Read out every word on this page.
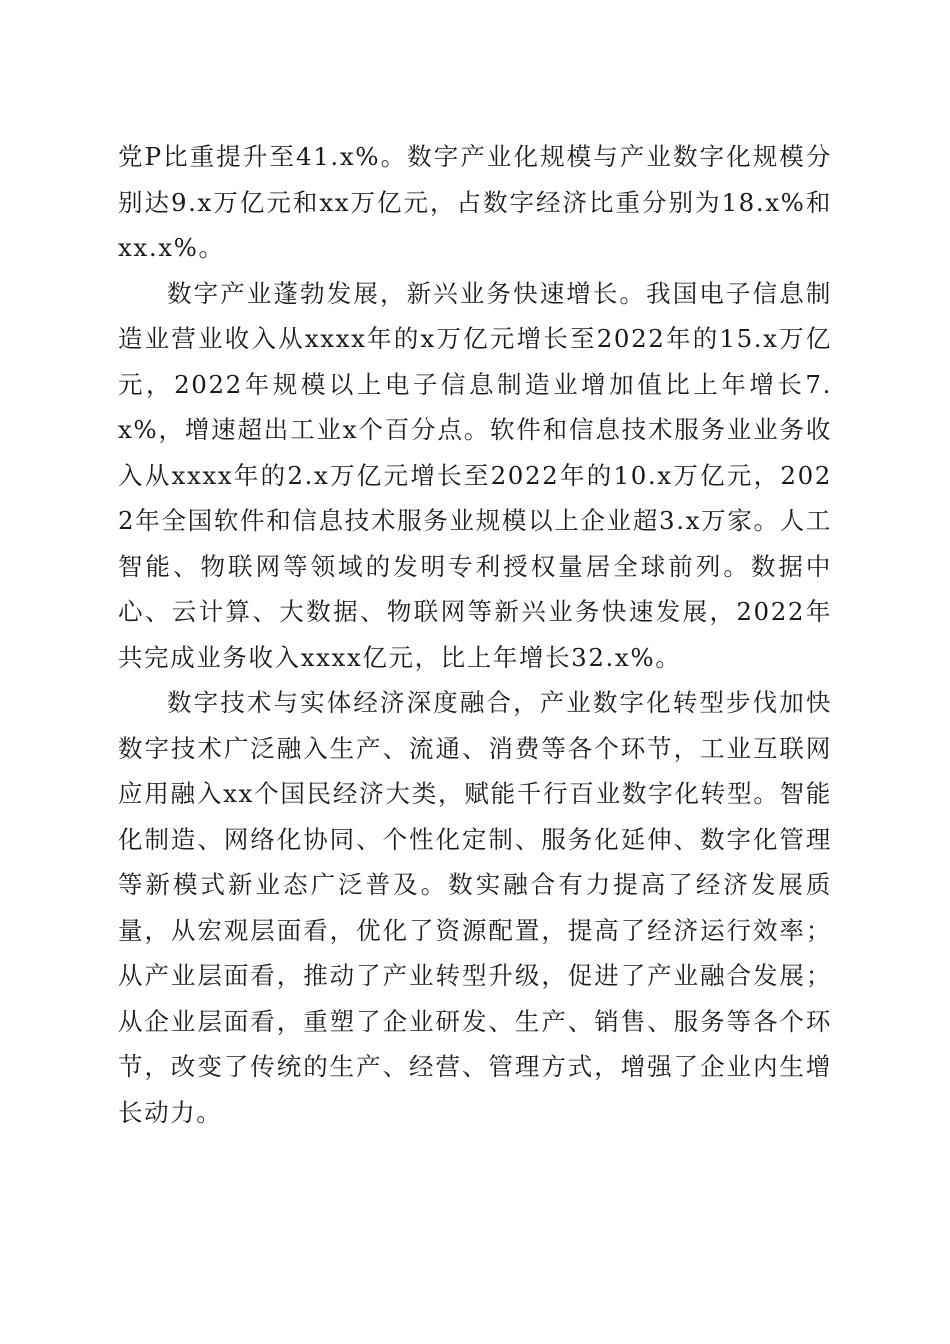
党P比重提升至41.x%。数字产业化规模与产业数字化规模分别达9.x万亿元和xx万亿元，占数字经济比重分别为18.x%和xx.x%。

数字产业蓬勃发展，新兴业务快速增长。我国电子信息制造业营业收入从xxxx年的x万亿元增长至2022年的15.x万亿元，2022年规模以上电子信息制造业增加值比上年增长7.x%，增速超出工业x个百分点。软件和信息技术服务业业务收入从xxxx年的2.x万亿元增长至2022年的10.x万亿元，2022年全国软件和信息技术服务业规模以上企业超3.x万家。人工智能、物联网等领域的发明专利授权量居全球前列。数据中心、云计算、大数据、物联网等新兴业务快速发展，2022年共完成业务收入xxxx亿元，比上年增长32.x%。

数字技术与实体经济深度融合，产业数字化转型步伐加快数字技术广泛融入生产、流通、消费等各个环节，工业互联网应用融入xx个国民经济大类，赋能千行百业数字化转型。智能化制造、网络化协同、个性化定制、服务化延伸、数字化管理等新模式新业态广泛普及。数实融合有力提高了经济发展质量，从宏观层面看，优化了资源配置，提高了经济运行效率；从产业层面看，推动了产业转型升级，促进了产业融合发展；从企业层面看，重塑了企业研发、生产、销售、服务等各个环节，改变了传统的生产、经营、管理方式，增强了企业内生增长动力。
